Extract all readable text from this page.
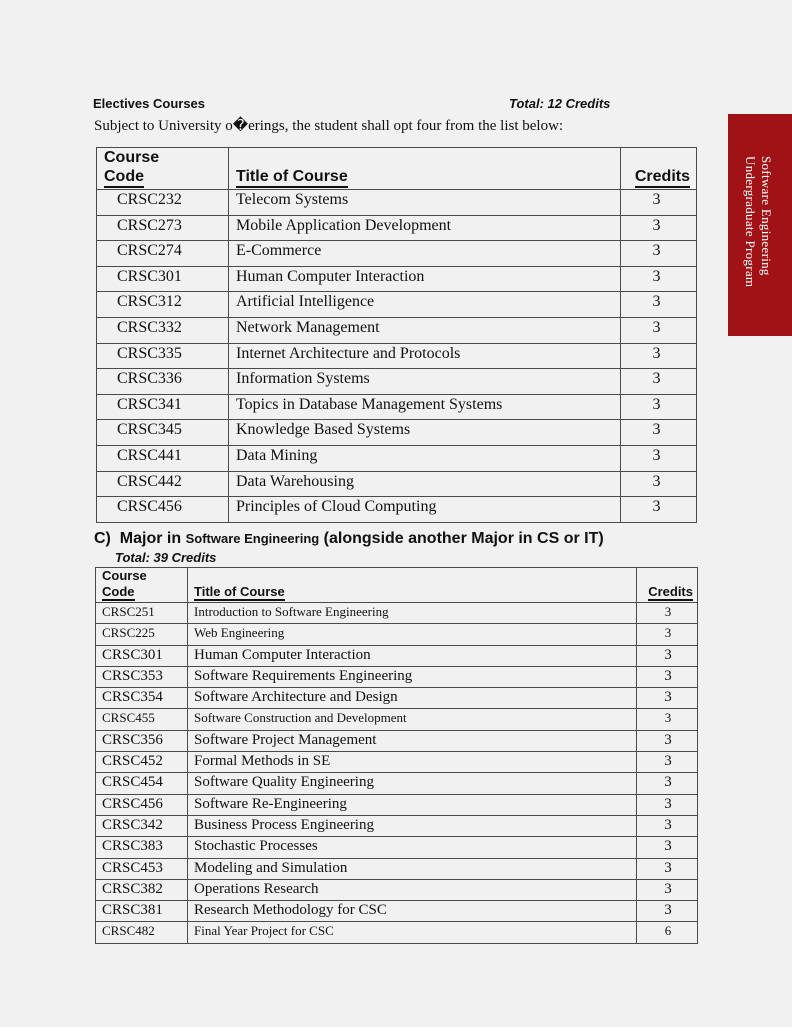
Software Engineering
Undergraduate Program
Electives Courses	Total: 12 Credits
Subject to University o�erings, the student shall opt four from the list below:
Course
Code	Title of Course	Credits
CRSC232	Telecom Systems	3
CRSC273	Mobile Application Development	3
CRSC274	E-Commerce	3
CRSC301	Human Computer Interaction	3
CRSC312	Artificial Intelligence	3
CRSC332	Network Management	3
CRSC335	Internet Architecture and Protocols	3
CRSC336	Information Systems	3
CRSC341	Topics in Database Management Systems	3
CRSC345	Knowledge Based Systems	3
CRSC441	Data Mining	3
CRSC442	Data Warehousing	3
CRSC456	Principles of Cloud Computing	3
C) Major in Software Engineering (alongside another Major in CS or IT)
Total: 39 Credits
Course
Code	Title of Course	Credits
CRSC251	Introduction to Software Engineering	3
CRSC225	Web Engineering	3
CRSC301	Human Computer Interaction	3
CRSC353	Software Requirements Engineering	3
CRSC354	Software Architecture and Design	3
CRSC455	Software Construction and Development	3
CRSC356	Software Project Management	3
CRSC452	Formal Methods in SE	3
CRSC454	Software Quality Engineering	3
CRSC456	Software Re-Engineering	3
CRSC342	Business Process Engineering	3
CRSC383	Stochastic Processes	3
CRSC453	Modeling and Simulation	3
CRSC382	Operations Research	3
CRSC381	Research Methodology for CSC	3
CRSC482	Final Year Project for CSC	6
